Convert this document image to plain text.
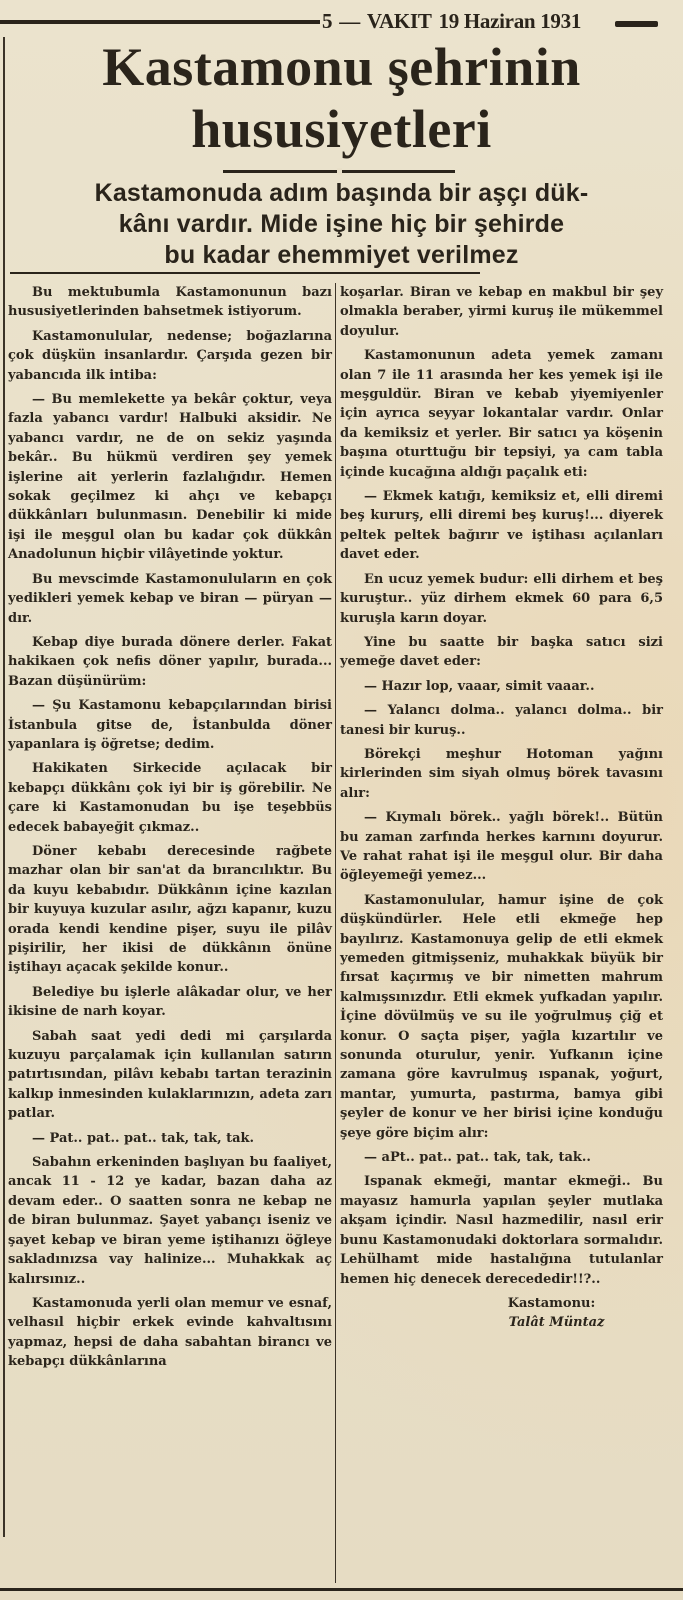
5 — VAKIT 19 Haziran 1931
Kastamonu şehrinin
hususiyetleri
Kastamonuda adım başında bir aşçı dük-
kânı vardır. Mide işine hiç bir şehirde
bu kadar ehemmiyet verilmez

Bu mektubumla Kastamonunun bazı hususiyetlerinden bahsetmek istiyorum.

Kastamonulular, nedense; boğazlarına çok düşkün insanlardır. Çarşıda gezen bir yabancıda ilk intiba:

— Bu memlekette ya bekâr çoktur, veya fazla yabancı vardır! Halbuki aksidir. Ne yabancı vardır, ne de on sekiz yaşında bekâr.. Bu hükmü verdiren şey yemek işlerine ait yerlerin fazlalığıdır. Hemen sokak geçilmez ki ahçı ve kebapçı dükkânları bulunmasın. Denebilir ki mide işi ile meşgul olan bu kadar çok dükkân Anadolunun hiçbir vilâyetinde yoktur.

Bu mevscimde Kastamonuluların en çok yedikleri yemek kebap ve biran — püryan — dır.

Kebap diye burada dönere derler. Fakat hakikaen çok nefis döner yapılır, burada... Bazan düşünürüm:

— Şu Kastamonu kebapçılarından birisi İstanbula gitse de, İstanbulda döner yapanlara iş öğretse; dedim.

Hakikaten Sirkecide açılacak bir kebapçı dükkânı çok iyi bir iş görebilir. Ne çare ki Kastamonudan bu işe teşebbüs edecek babayeğit çıkmaz..

Döner kebabı derecesinde rağbete mazhar olan bir san'at da bırancılıktır. Bu da kuyu kebabıdır. Dükkânın içine kazılan bir kuyuya kuzular asılır, ağzı kapanır, kuzu orada kendi kendine pişer, suyu ile pilâv pişirilir, her ikisi de dükkânın önüne iştihayı açacak şekilde konur..

Belediye bu işlerle alâkadar olur, ve her ikisine de narh koyar.

Sabah saat yedi dedi mi çarşılarda kuzuyu parçalamak için kullanılan satırın patırtısından, pilâvı kebabı tartan terazinin kalkıp inmesinden kulaklarınızın, adeta zarı patlar.

— Pat.. pat.. pat.. tak, tak, tak.

Sabahın erkeninden başlıyan bu faaliyet, ancak 11 - 12 ye kadar, bazan daha az devam eder.. O saatten sonra ne kebap ne de biran bulunmaz. Şayet yabançı iseniz ve şayet kebap ve biran yeme iştihanızı öğleye sakladınızsa vay halinize... Muhakkak aç kalırsınız..

Kastamonuda yerli olan memur ve esnaf, velhasıl hiçbir erkek evinde kahvaltısını yapmaz, hepsi de daha sabahtan birancı ve kebapçı dükkânlarına

koşarlar. Biran ve kebap en makbul bir şey olmakla beraber, yirmi kuruş ile mükemmel doyulur.

Kastamonunun adeta yemek zamanı olan 7 ile 11 arasında her kes yemek işi ile meşguldür. Biran ve kebab yiyemiyenler için ayrıca seyyar lokantalar vardır. Onlar da kemiksiz et yerler. Bir satıcı ya köşenin başına oturttuğu bir tepsiyi, ya cam tabla içinde kucağına aldığı paçalık eti:

— Ekmek katığı, kemiksiz et, elli diremi beş kururş, elli diremi beş kuruş!... diyerek peltek peltek bağırır ve iştihası açılanları davet eder.

En ucuz yemek budur: elli dirhem et beş kuruştur.. yüz dirhem ekmek 60 para 6,5 kuruşla karın doyar.

Yine bu saatte bir başka satıcı sizi yemeğe davet eder:

— Hazır lop, vaaar, simit vaaar..

— Yalancı dolma.. yalancı dolma.. bir tanesi bir kuruş..

Börekçi meşhur Hotoman yağını kirlerinden sim siyah olmuş börek tavasını alır:

— Kıymalı börek.. yağlı börek!.. Bütün bu zaman zarfında herkes karnını doyurur. Ve rahat rahat işi ile meşgul olur. Bir daha öğleyemeği yemez...

Kastamonulular, hamur işine de çok düşkündürler. Hele etli ekmeğe hep bayılırız. Kastamonuya gelip de etli ekmek yemeden gitmişseniz, muhakkak büyük bir fırsat kaçırmış ve bir nimetten mahrum kalmışsınızdır. Etli ekmek yufkadan yapılır. İçine dövülmüş ve su ile yoğrulmuş çiğ et konur. O saçta pişer, yağla kızartılır ve sonunda oturulur, yenir. Yufkanın içine zamana göre kavrulmuş ıspanak, yoğurt, mantar, yumurta, pastırma, bamya gibi şeyler de konur ve her birisi içine konduğu şeye göre biçim alır:

— aPt.. pat.. pat.. tak, tak, tak..

Ispanak ekmeği, mantar ekmeği.. Bu mayasız hamurla yapılan şeyler mutlaka akşam içindir. Nasıl hazmedilir, nasıl erir bunu Kastamonudaki doktorlara sormalıdır. Lehülhamt mide hastalığına tutulanlar hemen hiç denecek derecededir!!?..

Kastamonu:

Talât Müntaz
